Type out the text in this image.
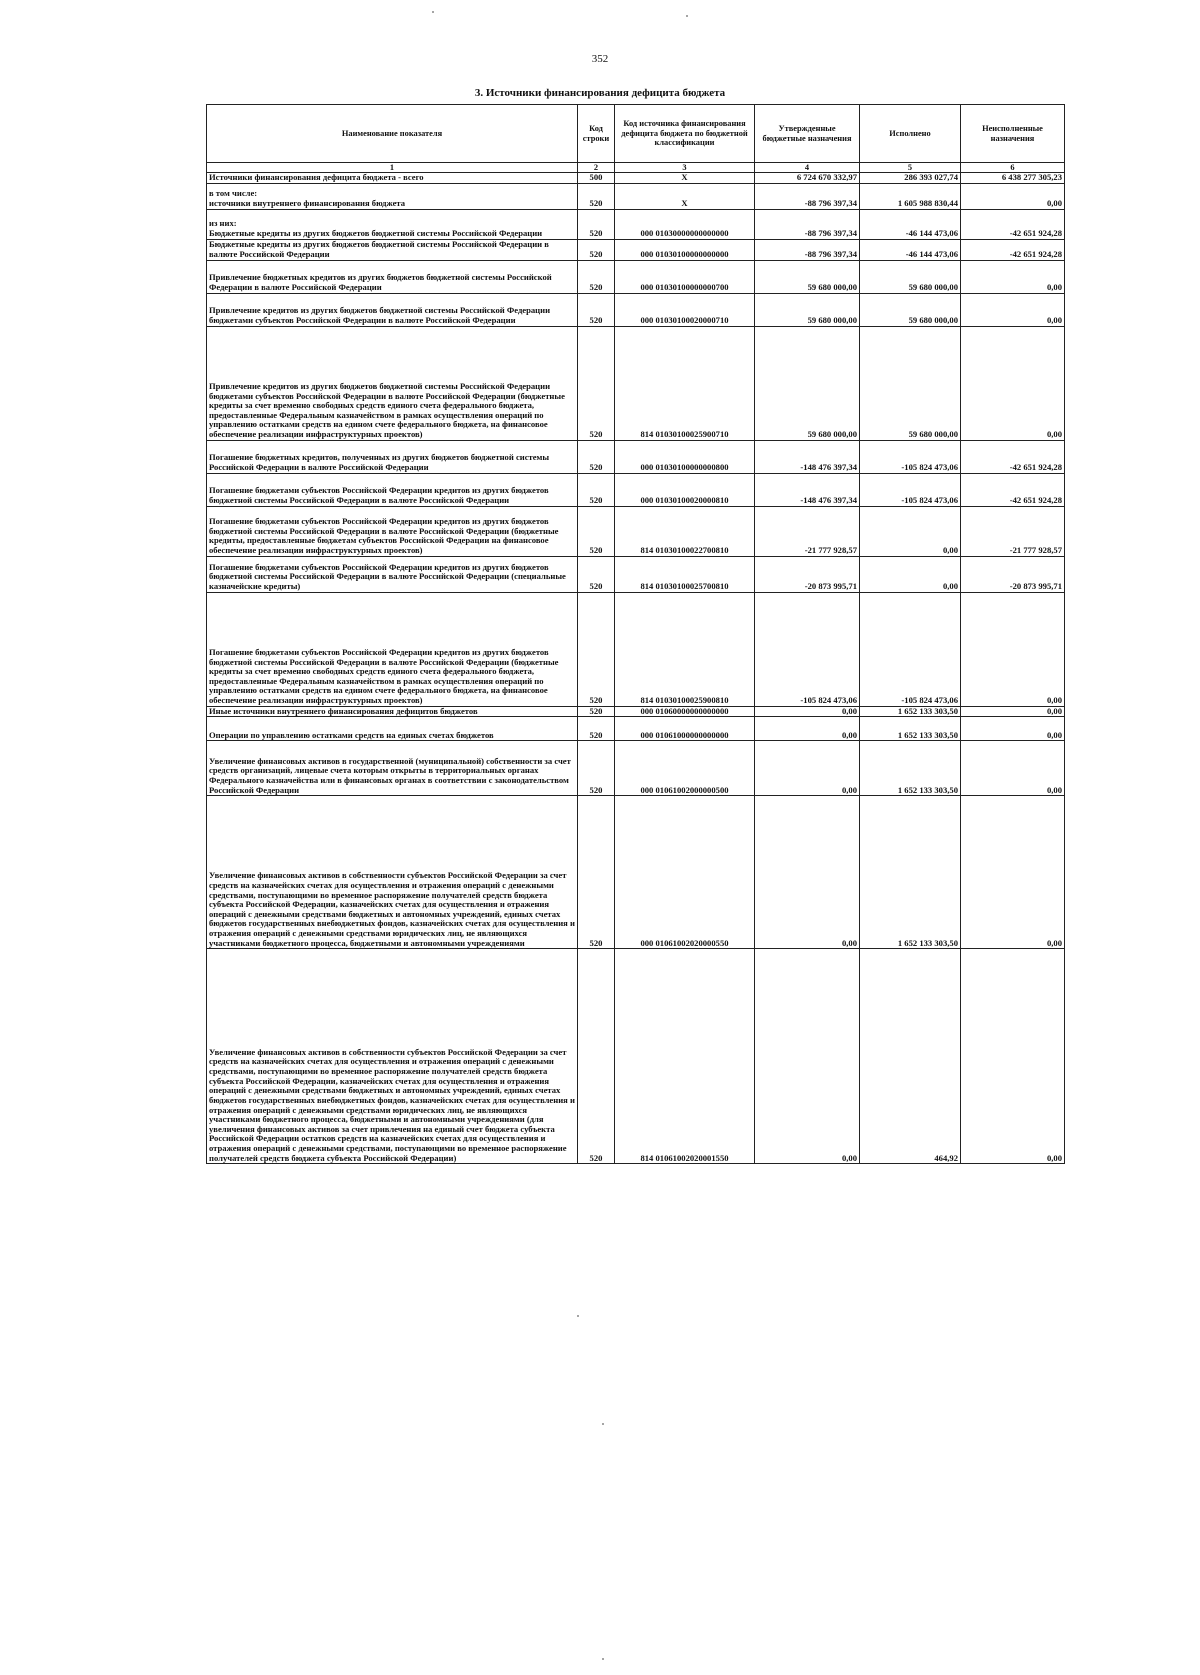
352
3. Источники финансирования дефицита бюджета
Наименование показателя	Код строки	Код источника финансирования дефицита бюджета по бюджетной классификации	Утвержденные бюджетные назначения	Исполнено	Неисполненные назначения
1	2	3	4	5	6
Источники финансирования дефицита бюджета - всего	500	X	6 724 670 332,97	286 393 027,74	6 438 277 305,23

в том числе:
источники внутреннего финансирования бюджета	520	X	-88 796 397,34	1 605 988 830,44	0,00

из них:
Бюджетные кредиты из других бюджетов бюджетной системы Российской Федерации	520	000 01030000000000000	-88 796 397,34	-46 144 473,06	-42 651 924,28
Бюджетные кредиты из других бюджетов бюджетной системы Российской Федерации в валюте Российской Федерации	520	000 01030100000000000	-88 796 397,34	-46 144 473,06	-42 651 924,28
Привлечение бюджетных кредитов из других бюджетов бюджетной системы Российской Федерации в валюте Российской Федерации	520	000 01030100000000700	59 680 000,00	59 680 000,00	0,00
Привлечение кредитов из других бюджетов бюджетной системы Российской Федерации бюджетами субъектов Российской Федерации в валюте Российской Федерации	520	000 01030100020000710	59 680 000,00	59 680 000,00	0,00
Привлечение кредитов из других бюджетов бюджетной системы Российской Федерации бюджетами субъектов Российской Федерации в валюте Российской Федерации (бюджетные кредиты за счет временно свободных средств единого счета федерального бюджета, предоставленные Федеральным казначейством в рамках осуществления операций по управлению остатками средств на едином счете федерального бюджета, на финансовое обеспечение реализации инфраструктурных проектов)	520	814 01030100025900710	59 680 000,00	59 680 000,00	0,00
Погашение бюджетных кредитов, полученных из других бюджетов бюджетной системы Российской Федерации в валюте Российской Федерации	520	000 01030100000000800	-148 476 397,34	-105 824 473,06	-42 651 924,28
Погашение бюджетами субъектов Российской Федерации кредитов из других бюджетов бюджетной системы Российской Федерации в валюте Российской Федерации	520	000 01030100020000810	-148 476 397,34	-105 824 473,06	-42 651 924,28
Погашение бюджетами субъектов Российской Федерации кредитов из других бюджетов бюджетной системы Российской Федерации в валюте Российской Федерации (бюджетные кредиты, предоставленные бюджетам субъектов Российской Федерации на финансовое обеспечение реализации инфраструктурных проектов)	520	814 01030100022700810	-21 777 928,57	0,00	-21 777 928,57
Погашение бюджетами субъектов Российской Федерации кредитов из других бюджетов бюджетной системы Российской Федерации в валюте Российской Федерации (специальные казначейские кредиты)	520	814 01030100025700810	-20 873 995,71	0,00	-20 873 995,71
Погашение бюджетами субъектов Российской Федерации кредитов из других бюджетов бюджетной системы Российской Федерации в валюте Российской Федерации (бюджетные кредиты за счет временно свободных средств единого счета федерального бюджета, предоставленные Федеральным казначейством в рамках осуществления операций по управлению остатками средств на едином счете федерального бюджета, на финансовое обеспечение реализации инфраструктурных проектов)	520	814 01030100025900810	-105 824 473,06	-105 824 473,06	0,00
Иные источники внутреннего финансирования дефицитов бюджетов	520	000 01060000000000000	0,00	1 652 133 303,50	0,00
Операции по управлению остатками средств на единых счетах бюджетов	520	000 01061000000000000	0,00	1 652 133 303,50	0,00
Увеличение финансовых активов в государственной (муниципальной) собственности за счет средств организаций, лицевые счета которым открыты в территориальных органах Федерального казначейства или в финансовых органах в соответствии с законодательством Российской Федерации	520	000 01061002000000500	0,00	1 652 133 303,50	0,00
Увеличение финансовых активов в собственности субъектов Российской Федерации за счет средств на казначейских счетах для осуществления и отражения операций с денежными средствами, поступающими во временное распоряжение получателей средств бюджета субъекта Российской Федерации, казначейских счетах для осуществления и отражения операций с денежными средствами бюджетных и автономных учреждений, единых счетах бюджетов государственных внебюджетных фондов, казначейских счетах для осуществления и отражения операций с денежными средствами юридических лиц, не являющихся участниками бюджетного процесса, бюджетными и автономными учреждениями	520	000 01061002020000550	0,00	1 652 133 303,50	0,00
Увеличение финансовых активов в собственности субъектов Российской Федерации за счет средств на казначейских счетах для осуществления и отражения операций с денежными средствами, поступающими во временное распоряжение получателей средств бюджета субъекта Российской Федерации, казначейских счетах для осуществления и отражения операций с денежными средствами бюджетных и автономных учреждений, единых счетах бюджетов государственных внебюджетных фондов, казначейских счетах для осуществления и отражения операций с денежными средствами юридических лиц, не являющихся участниками бюджетного процесса, бюджетными и автономными учреждениями (для увеличения финансовых активов за счет привлечения на единый счет бюджета субъекта Российской Федерации остатков средств на казначейских счетах для осуществления и отражения операций с денежными средствами, поступающими во временное распоряжение получателей средств бюджета субъекта Российской Федерации)	520	814 01061002020001550	0,00	464,92	0,00
